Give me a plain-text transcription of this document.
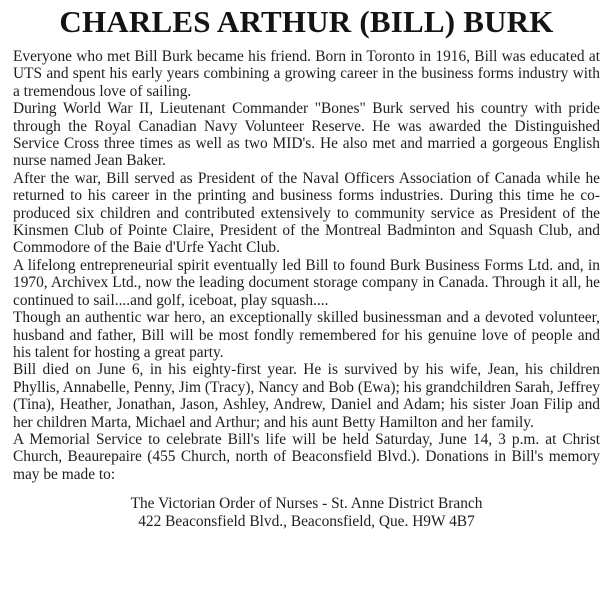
CHARLES ARTHUR (BILL) BURK

Everyone who met Bill Burk became his friend. Born in Toronto in 1916, Bill was educated at UTS and spent his early years combining a growing career in the business forms industry with a tremendous love of sailing.

During World War II, Lieutenant Commander "Bones" Burk served his country with pride through the Royal Canadian Navy Volunteer Reserve. He was awarded the Distinguished Service Cross three times as well as two MID's. He also met and married a gorgeous English nurse named Jean Baker.

After the war, Bill served as President of the Naval Officers Association of Canada while he returned to his career in the printing and business forms industries. During this time he co-produced six children and contributed extensively to community service as President of the Kinsmen Club of Pointe Claire, President of the Montreal Badminton and Squash Club, and Commodore of the Baie d'Urfe Yacht Club.

A lifelong entrepreneurial spirit eventually led Bill to found Burk Business Forms Ltd. and, in 1970, Archivex Ltd., now the leading document storage company in Canada. Through it all, he continued to sail....and golf, iceboat, play squash....

Though an authentic war hero, an exceptionally skilled businessman and a devoted volunteer, husband and father, Bill will be most fondly remembered for his genuine love of people and his talent for hosting a great party.

Bill died on June 6, in his eighty-first year. He is survived by his wife, Jean, his children Phyllis, Annabelle, Penny, Jim (Tracy), Nancy and Bob (Ewa); his grandchildren Sarah, Jeffrey (Tina), Heather, Jonathan, Jason, Ashley, Andrew, Daniel and Adam; his sister Joan Filip and her children Marta, Michael and Arthur; and his aunt Betty Hamilton and her family.

A Memorial Service to celebrate Bill's life will be held Saturday, June 14, 3 p.m. at Christ Church, Beaurepaire (455 Church, north of Beaconsfield Blvd.). Donations in Bill's memory may be made to:

The Victorian Order of Nurses - St. Anne District Branch

422 Beaconsfield Blvd., Beaconsfield, Que. H9W 4B7
